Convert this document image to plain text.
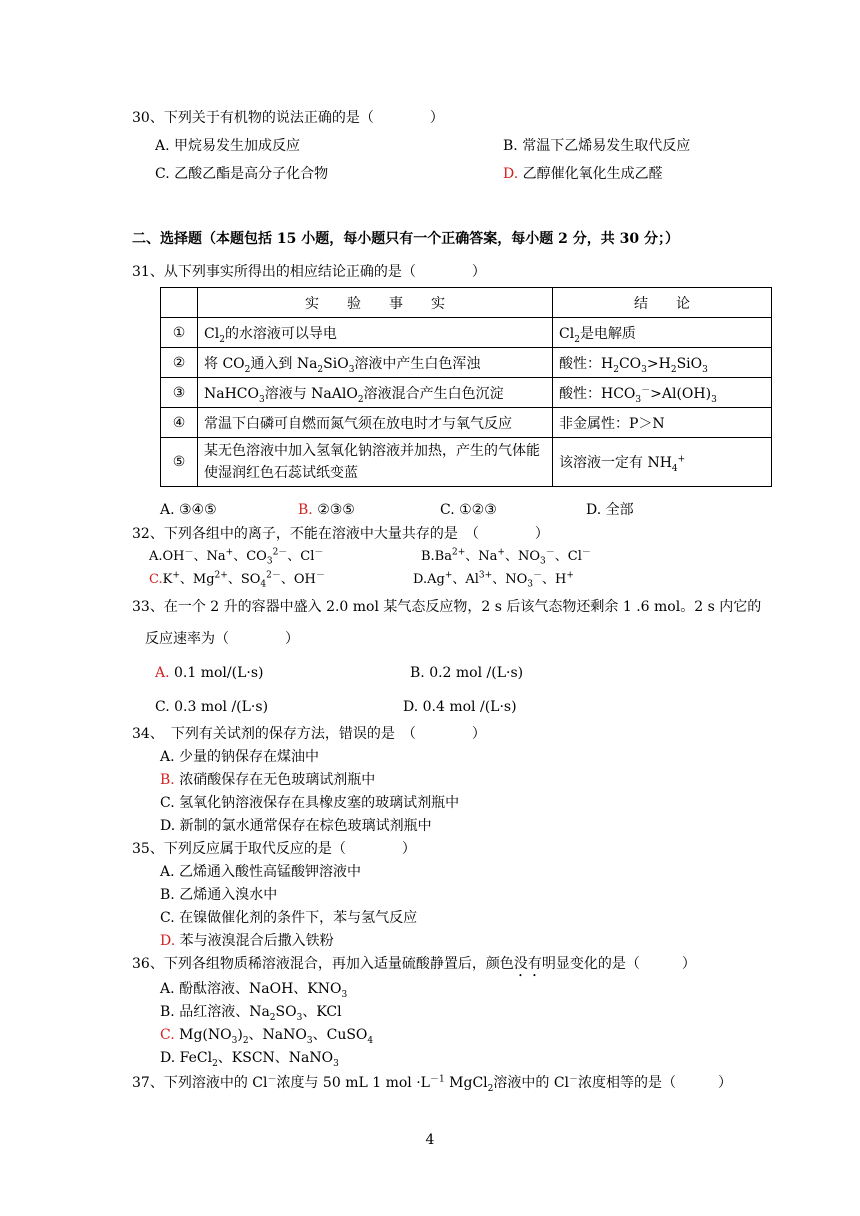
30、下列关于有机物的说法正确的是（　　　　）
A. 甲烷易发生加成反应	B. 常温下乙烯易发生取代反应
C. 乙酸乙酯是高分子化合物	D. 乙醇催化氧化生成乙醛
二、选择题（本题包括 15 小题，每小题只有一个正确答案，每小题 2 分，共 30 分；）
31、从下列事实所得出的相应结论正确的是（　　　　）
	实　　验　　事　　实	结　　论
①	$Cl_2$的水溶液可以导电	$Cl_2$是电解质
②	将 $CO_2$通入到 $Na_2SiO_3$溶液中产生白色浑浊	酸性：$H_2CO_3>H_2SiO_3$
③	NaHCO$_3$溶液与 NaAlO$_2$溶液混合产生白色沉淀	酸性：$HCO_3^->Al(OH)_3$
④	常温下白磷可自燃而氮气须在放电时才与氧气反应	非金属性：P＞N
⑤	某无色溶液中加入氢氧化钠溶液并加热，产生的气体能使湿润红色石蕊试纸变蓝	该溶液一定有 $NH_4^+$
A. ③④⑤	B. ②③⑤	C. ①②③	D. 全部
32、下列各组中的离子，不能在溶液中大量共存的是　（　　　　）
A.OH－、Na+、$CO_3^{2-}$、Cl－	$B.Ba^{2+}$、Na+、$NO_3^-$、Cl－
C.K+、$Mg^{2+}$、$SO_4^{2-}$、OH－	D.Ag+、$Al^{3+}$、$NO_3^-$、H+
33、在一个 2 升的容器中盛入 2.0 mol 某气态反应物，2 s 后该气态物还剩余 1 .6 mol。2 s 内它的
反应速率为（　　　　）
A. 0.1 mol/(L·s)	B. 0.2 mol /(L·s)
C. 0.3 mol /(L·s)	D. 0.4 mol /(L·s)
34、　下列有关试剂的保存方法，错误的是　（　　　　）
A. 少量的钠保存在煤油中
B. 浓硝酸保存在无色玻璃试剂瓶中
C. 氢氧化钠溶液保存在具橡皮塞的玻璃试剂瓶中
D. 新制的氯水通常保存在棕色玻璃试剂瓶中
35、下列反应属于取代反应的是（　　　　）
A. 乙烯通入酸性高锰酸钾溶液中
B. 乙烯通入溴水中
C. 在镍做催化剂的条件下，苯与氢气反应
D. 苯与液溴混合后撒入铁粉
36、下列各组物质稀溶液混合，再加入适量硫酸静置后，颜色没有明显变化的是（　　　）
A. 酚酞溶液、NaOH、$KNO_3$
B. 品红溶液、$Na_2SO_3$、KCl
C. $Mg(NO_3)_2$、NaNO$_3$、CuSO$_4$
D. FeCl$_2$、KSCN、NaNO$_3$
37、下列溶液中的 Cl－浓度与 50 mL 1 mol $\cdot L^{-1}$ MgCl$_2$溶液中的 Cl－浓度相等的是（　　　）
4
